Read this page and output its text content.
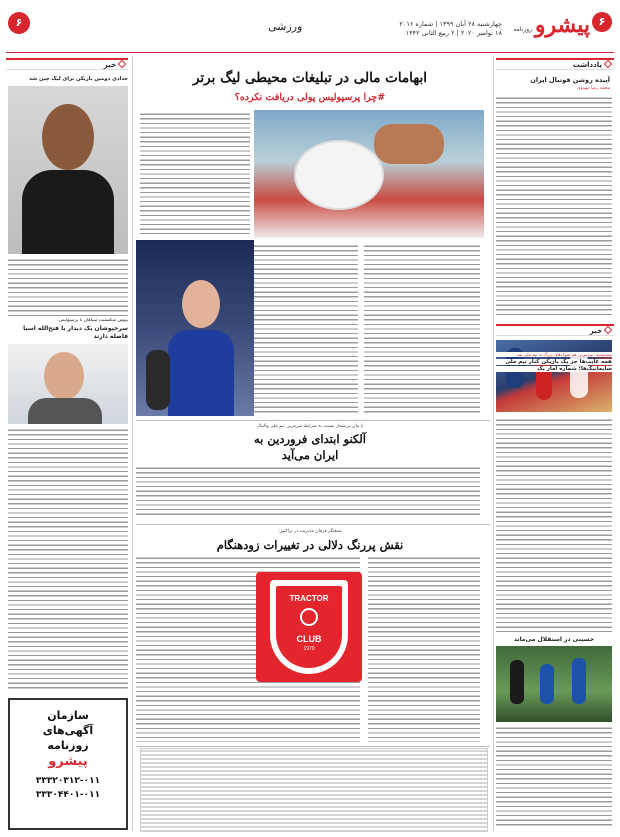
۶
پیشرو
روزنامه
چهارشنبه ۲۸ آبان ۱۳۹۹ | شماره ۲۰۱۶
۱۸ نوامبر ۲۰۲۰ | ۲ ربیع الثانی ۱۴۴۲
ورزشی
۶
یادداشت
آینده روشن فوتبال ایران
محمد رضا مهدوی
خبر
مصدومیت سرمربی هم شوک‌های بزرگ به تیم ملی شد
همه غایب‌ها جز یک بازیکن کنار تیم ملی
سایمانیک‌ها؛ شماره آمار یک
حسینی در استقلال می‌ماند
ابهامات مالی در تبلیغات محیطی لیگ برتر
#چرا پرسپولیس پولی دریافت نکرده؟
با بیان بی‌شمار نسبت به شرایط سرمربی تیم ملی والیبال
آلکنو ابتدای فروردین به
ایران می‌آید
صنعتگر قرقان مدیریت در تراکتور:
نقش پررنگ دلالی در تغییرات زودهنگام
TRACTOR
CLUB
1970
خبر
حدادی دومین بازیکن برای لیگ چین شد
پیوس شکستیت سپاهان با پرسپولیس:
سرخپوشان یک دیدار با فتح‌الله آسیا
فاصله دارند
سازمان
آگهی‌های
روزنامه
پیشرو
۳۳۳۲۰۳۱۲-۰۱۱
۳۳۳۰۴۴۰۱-۰۱۱
